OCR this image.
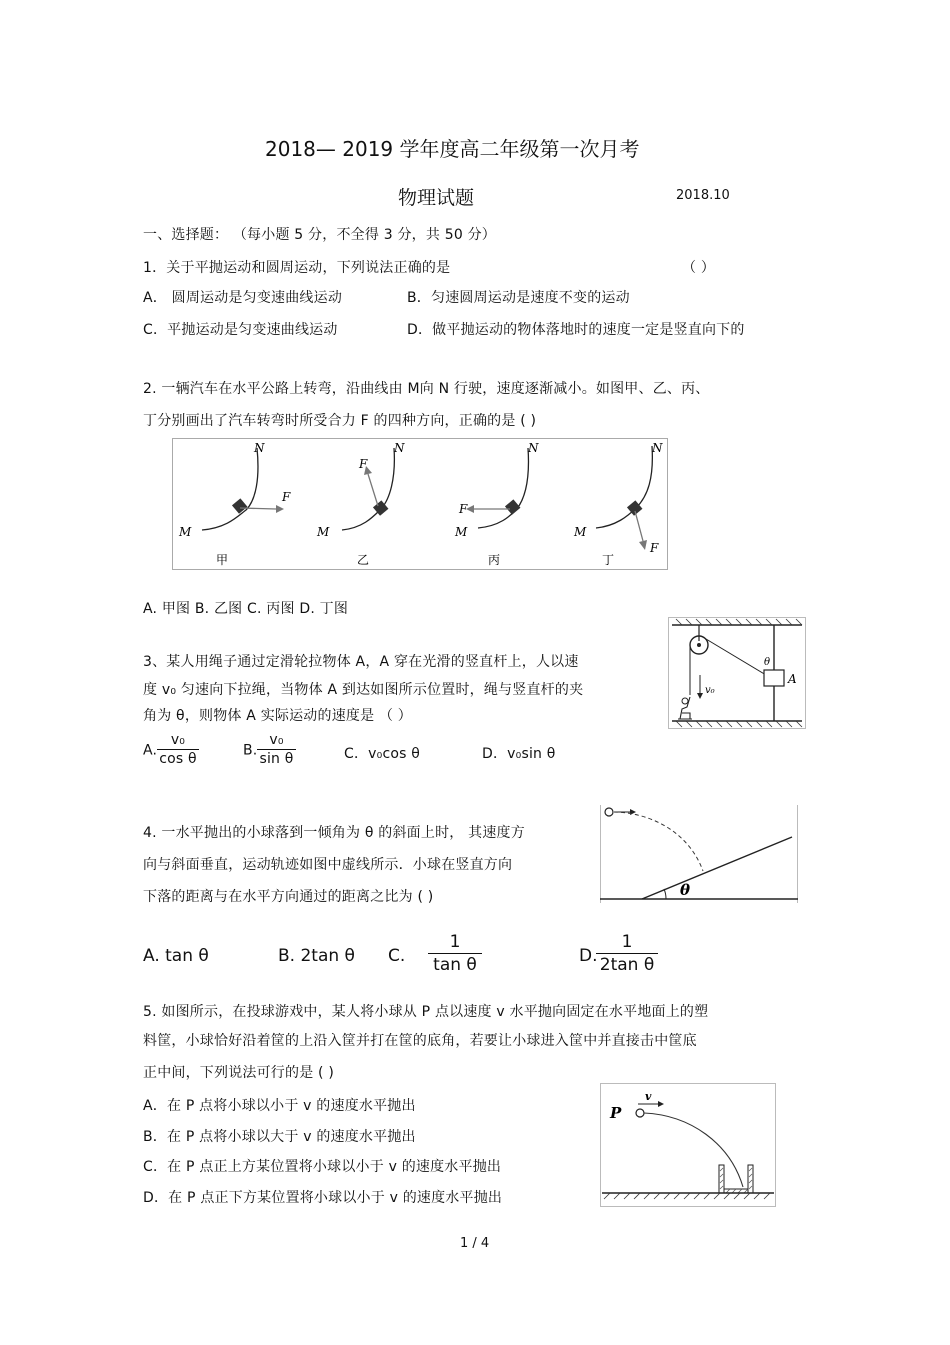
2018— 2019 学年度高二年级第一次月考
物理试题	2018.10
一、选择题： （每小题 5 分，不全得 3 分，共 50 分）
1．关于平抛运动和圆周运动，下列说法正确的是	（ ）
A． 圆周运动是匀变速曲线运动	B．匀速圆周运动是速度不变的运动
C．平抛运动是匀变速曲线运动	D．做平抛运动的物体落地时的速度一定是竖直向下的
2. 一辆汽车在水平公路上转弯，沿曲线由 M向 N 行驶，速度逐渐减小。如图甲、乙、丙、
丁分别画出了汽车转弯时所受合力 F 的四种方向，正确的是 ( )
M
N
F
甲
M
N
F
乙
M
N
F
丙
M
N
F
丁
A. 甲图 B. 乙图 C. 丙图 D. 丁图
3、某人用绳子通过定滑轮拉物体 A，A 穿在光滑的竖直杆上，人以速
度 v₀ 匀速向下拉绳，当物体 A 到达如图所示位置时，绳与竖直杆的夹
角为 θ，则物体 A 实际运动的速度是 （ ）
A. $\frac{\text{v₀}}{\text{cos θ}}$	B. $\frac{\text{v₀}}{\text{sin θ}}$	C．v₀cos θ	D．v₀sin θ
A
θ
v₀
4. 一水平抛出的小球落到一倾角为 θ 的斜面上时， 其速度方
向与斜面垂直，运动轨迹如图中虚线所示．小球在竖直方向
下落的距离与在水平方向通过的距离之比为 ( )	θ
A. tan θ	B. 2tan θ C. $\frac{1}{\text{tan θ}}$	D.
$\frac{1}{\text{2tan θ}}$
5. 如图所示，在投球游戏中，某人将小球从 P 点以速度 v 水平抛向固定在水平地面上的塑
料筐，小球恰好沿着筐的上沿入筐并打在筐的底角，若要让小球进入筐中并直接击中筐底
正中间，下列说法可行的是 ( )
A．在 P 点将小球以小于 v 的速度水平抛出
B．在 P 点将小球以大于 v 的速度水平抛出
C．在 P 点正上方某位置将小球以小于 v 的速度水平抛出
D．在 P 点正下方某位置将小球以小于 v 的速度水平抛出
P
v
1 / 4
